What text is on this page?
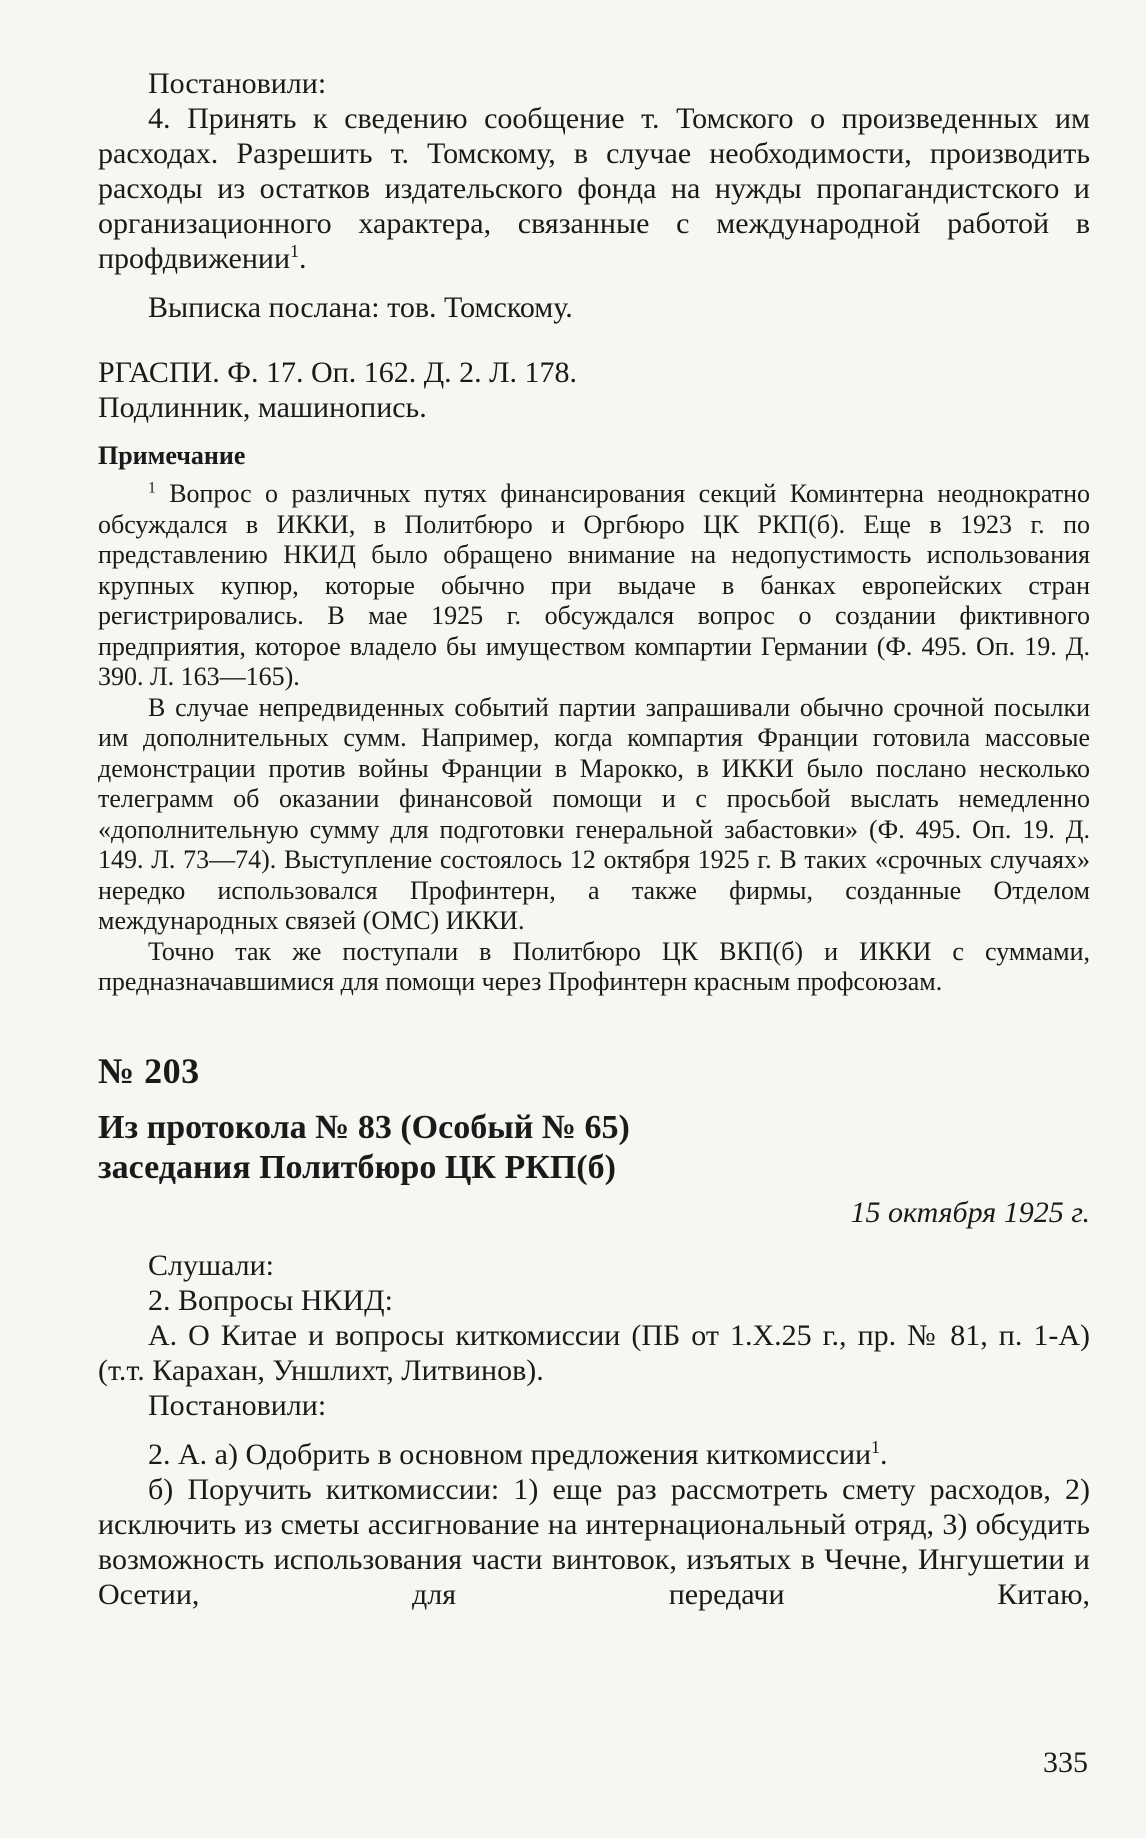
Постановили:

4. Принять к сведению сообщение т. Томского о произведенных им расходах. Разрешить т. Томскому, в случае необходимости, производить расходы из остатков издательского фонда на нужды пропагандистского и организационного характера, связанные с международной работой в профдвижении$^1$.

Выписка послана: тов. Томскому.

РГАСПИ. Ф. 17. Оп. 162. Д. 2. Л. 178.

Подлинник, машинопись.

Примечание

$^1$ Вопрос о различных путях финансирования секций Коминтерна неоднократно обсуждался в ИККИ, в Политбюро и Оргбюро ЦК РКП(б). Еще в 1923 г. по представлению НКИД было обращено внимание на недопустимость использования крупных купюр, которые обычно при выдаче в банках европейских стран регистрировались. В мае 1925 г. обсуждался вопрос о создании фиктивного предприятия, которое владело бы имуществом компартии Германии (Ф. 495. Оп. 19. Д. 390. Л. 163—165).

В случае непредвиденных событий партии запрашивали обычно срочной посылки им дополнительных сумм. Например, когда компартия Франции готовила массовые демонстрации против войны Франции в Марокко, в ИККИ было послано несколько телеграмм об оказании финансовой помощи и с просьбой выслать немедленно «дополнительную сумму для подготовки генеральной забастовки» (Ф. 495. Оп. 19. Д. 149. Л. 73—74). Выступление состоялось 12 октября 1925 г. В таких «срочных случаях» нередко использовался Профинтерн, а также фирмы, созданные Отделом международных связей (ОМС) ИККИ.

Точно так же поступали в Политбюро ЦК ВКП(б) и ИККИ с суммами, предназначавшимися для помощи через Профинтерн красным профсоюзам.

№ 203

Из протокола № 83 (Особый № 65)

заседания Политбюро ЦК РКП(б)

15 октября 1925 г.

Слушали:

2. Вопросы НКИД:

А. О Китае и вопросы киткомиссии (ПБ от 1.X.25 г., пр. № 81, п. 1-А) (т.т. Карахан, Уншлихт, Литвинов).

Постановили:

2. А. а) Одобрить в основном предложения киткомиссии$^1$.

б) Поручить киткомиссии: 1) еще раз рассмотреть смету расходов, 2) исключить из сметы ассигнование на интернациональный отряд, 3) обсудить возможность использования части винтовок, изъятых в Чечне, Ингушетии и Осетии, для передачи Китаю,

335
